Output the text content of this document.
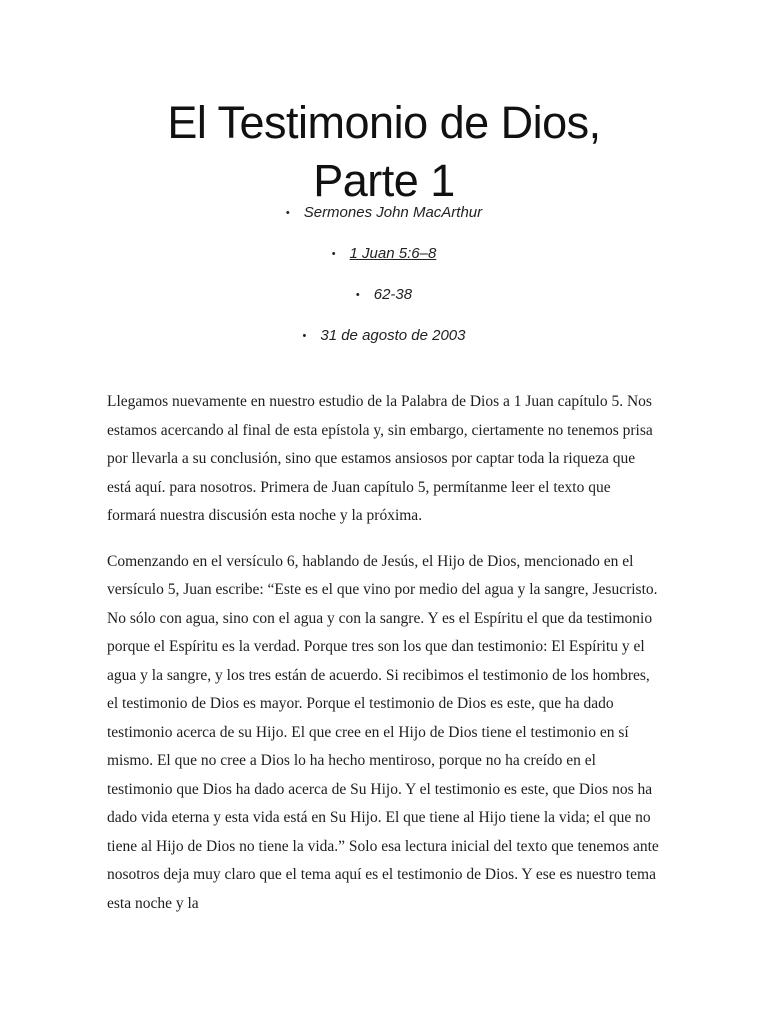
El Testimonio de Dios,
Parte 1
• Sermones John MacArthur
• 1 Juan 5:6–8
• 62-38
• 31 de agosto de 2003

Llegamos nuevamente en nuestro estudio de la Palabra de Dios a 1 Juan capítulo 5. Nos estamos acercando al final de esta epístola y, sin embargo, ciertamente no tenemos prisa por llevarla a su conclusión, sino que estamos ansiosos por captar toda la riqueza que está aquí. para nosotros. Primera de Juan capítulo 5, permítanme leer el texto que formará nuestra discusión esta noche y la próxima.

Comenzando en el versículo 6, hablando de Jesús, el Hijo de Dios, mencionado en el versículo 5, Juan escribe: “Este es el que vino por medio del agua y la sangre, Jesucristo. No sólo con agua, sino con el agua y con la sangre. Y es el Espíritu el que da testimonio porque el Espíritu es la verdad. Porque tres son los que dan testimonio: El Espíritu y el agua y la sangre, y los tres están de acuerdo. Si recibimos el testimonio de los hombres, el testimonio de Dios es mayor. Porque el testimonio de Dios es este, que ha dado testimonio acerca de su Hijo. El que cree en el Hijo de Dios tiene el testimonio en sí mismo. El que no cree a Dios lo ha hecho mentiroso, porque no ha creído en el testimonio que Dios ha dado acerca de Su Hijo. Y el testimonio es este, que Dios nos ha dado vida eterna y esta vida está en Su Hijo. El que tiene al Hijo tiene la vida; el que no tiene al Hijo de Dios no tiene la vida.” Solo esa lectura inicial del texto que tenemos ante nosotros deja muy claro que el tema aquí es el testimonio de Dios. Y ese es nuestro tema esta noche y la
